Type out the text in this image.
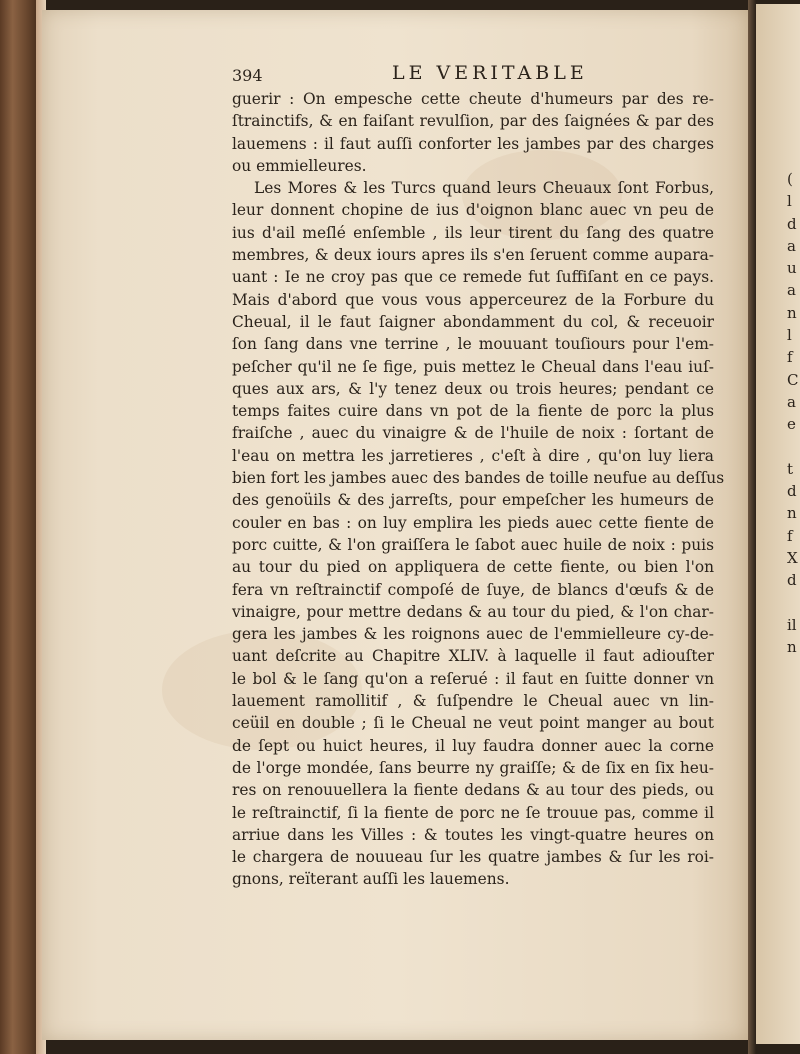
(
l
d
a
u
a
n
l
f
C
a
e

t
d
n
f
X
d

il
n
394	LE VERITABLE
guerir : On empesche cette cheute d'humeurs par des re-
ſtrainctifs, & en faiſant revulſion, par des ſaignées & par des
lauemens : il faut auſſi conforter les jambes par des charges
ou emmielleures.
Les Mores & les Turcs quand leurs Cheuaux ſont Forbus,
leur donnent chopine de ius d'oignon blanc auec vn peu de
ius d'ail meſlé enſemble , ils leur tirent du ſang des quatre
membres, & deux iours apres ils s'en ſeruent comme aupara-
uant : Ie ne croy pas que ce remede fut ſuffiſant en ce pays.
Mais d'abord que vous vous apperceurez de la Forbure du
Cheual, il le faut ſaigner abondamment du col, & receuoir
ſon ſang dans vne terrine , le mouuant touſiours pour l'em-
peſcher qu'il ne ſe fige, puis mettez le Cheual dans l'eau iuſ-
ques aux ars, & l'y tenez deux ou trois heures; pendant ce
temps faites cuire dans vn pot de la fiente de porc la plus
fraiſche , auec du vinaigre & de l'huile de noix : ſortant de
l'eau on mettra les jarretieres , c'eſt à dire , qu'on luy liera
bien fort les jambes auec des bandes de toille neufue au deſſus
des genoüils & des jarreſts, pour empeſcher les humeurs de
couler en bas : on luy emplira les pieds auec cette fiente de
porc cuitte, & l'on graiſſera le ſabot auec huile de noix : puis
au tour du pied on appliquera de cette fiente, ou bien l'on
fera vn reſtrainctif compoſé de ſuye, de blancs d'œufs & de
vinaigre, pour mettre dedans & au tour du pied, & l'on char-
gera les jambes & les roignons auec de l'emmielleure cy-de-
uant deſcrite au Chapitre XLIV. à laquelle il faut adiouſter
le bol & le ſang qu'on a reſerué : il faut en ſuitte donner vn
lauement ramollitif , & ſuſpendre le Cheual auec vn lin-
ceüil en double ; ſi le Cheual ne veut point manger au bout
de ſept ou huict heures, il luy faudra donner auec la corne
de l'orge mondée, ſans beurre ny graiſſe; & de ſix en ſix heu-
res on renouuellera la fiente dedans & au tour des pieds, ou
le reſtrainctif, ſi la fiente de porc ne ſe trouue pas, comme il
arriue dans les Villes : & toutes les vingt-quatre heures on
le chargera de nouueau ſur les quatre jambes & ſur les roi-
gnons, reïterant auſſi les lauemens.
